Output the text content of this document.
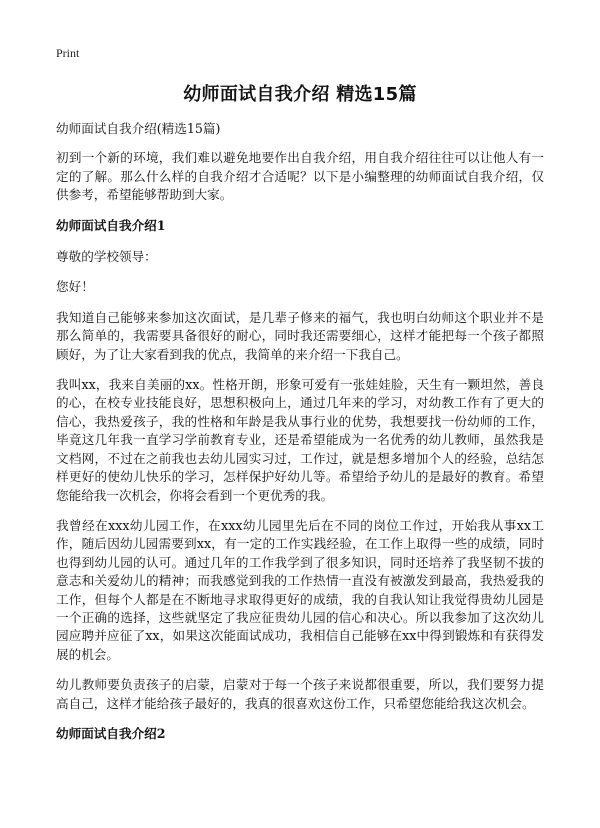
Print
幼师面试自我介绍 精选15篇

幼师面试自我介绍(精选15篇)

初到一个新的环境，我们难以避免地要作出自我介绍，用自我介绍往往可以让他人有一定的了解。那么什么样的自我介绍才合适呢？以下是小编整理的幼师面试自我介绍，仅供参考，希望能够帮助到大家。

幼师面试自我介绍1

尊敬的学校领导：

您好！

我知道自己能够来参加这次面试，是几辈子修来的福气，我也明白幼师这个职业并不是那么简单的，我需要具备很好的耐心，同时我还需要细心，这样才能把每一个孩子都照顾好，为了让大家看到我的优点，我简单的来介绍一下我自己。

我叫xx，我来自美丽的xx。性格开朗，形象可爱有一张娃娃脸，天生有一颗坦然，善良的心，在校专业技能良好，思想积极向上，通过几年来的学习，对幼教工作有了更大的信心，我热爱孩子，我的性格和年龄是我从事行业的优势，我想要找一份幼师的工作，毕竟这几年我一直学习学前教育专业，还是希望能成为一名优秀的幼儿教师，虽然我是文档网，不过在之前我也去幼儿园实习过，工作过，就是想多增加个人的经验，总结怎样更好的使幼儿快乐的学习，怎样保护好幼儿等。希望给予幼儿的是最好的教育。希望您能给我一次机会，你将会看到一个更优秀的我。

我曾经在xxx幼儿园工作，在xxx幼儿园里先后在不同的岗位工作过，开始我从事xx工作，随后因幼儿园需要到xx，有一定的工作实践经验，在工作上取得一些的成绩，同时也得到幼儿园的认可。通过几年的工作我学到了很多知识，同时还培养了我坚韧不拔的意志和关爱幼儿的精神；而我感觉到我的工作热情一直没有被激发到最高，我热爱我的工作，但每个人都是在不断地寻求取得更好的成绩，我的自我认知让我觉得贵幼儿园是一个正确的选择，这些就坚定了我应征贵幼儿园的信心和决心。所以我参加了这次幼儿园应聘并应征了xx，如果这次能面试成功，我相信自己能够在xx中得到锻炼和有获得发展的机会。

幼儿教师要负责孩子的启蒙，启蒙对于每一个孩子来说都很重要，所以，我们要努力提高自己，这样才能给孩子最好的，我真的很喜欢这份工作，只希望您能给我这次机会。

幼师面试自我介绍2
